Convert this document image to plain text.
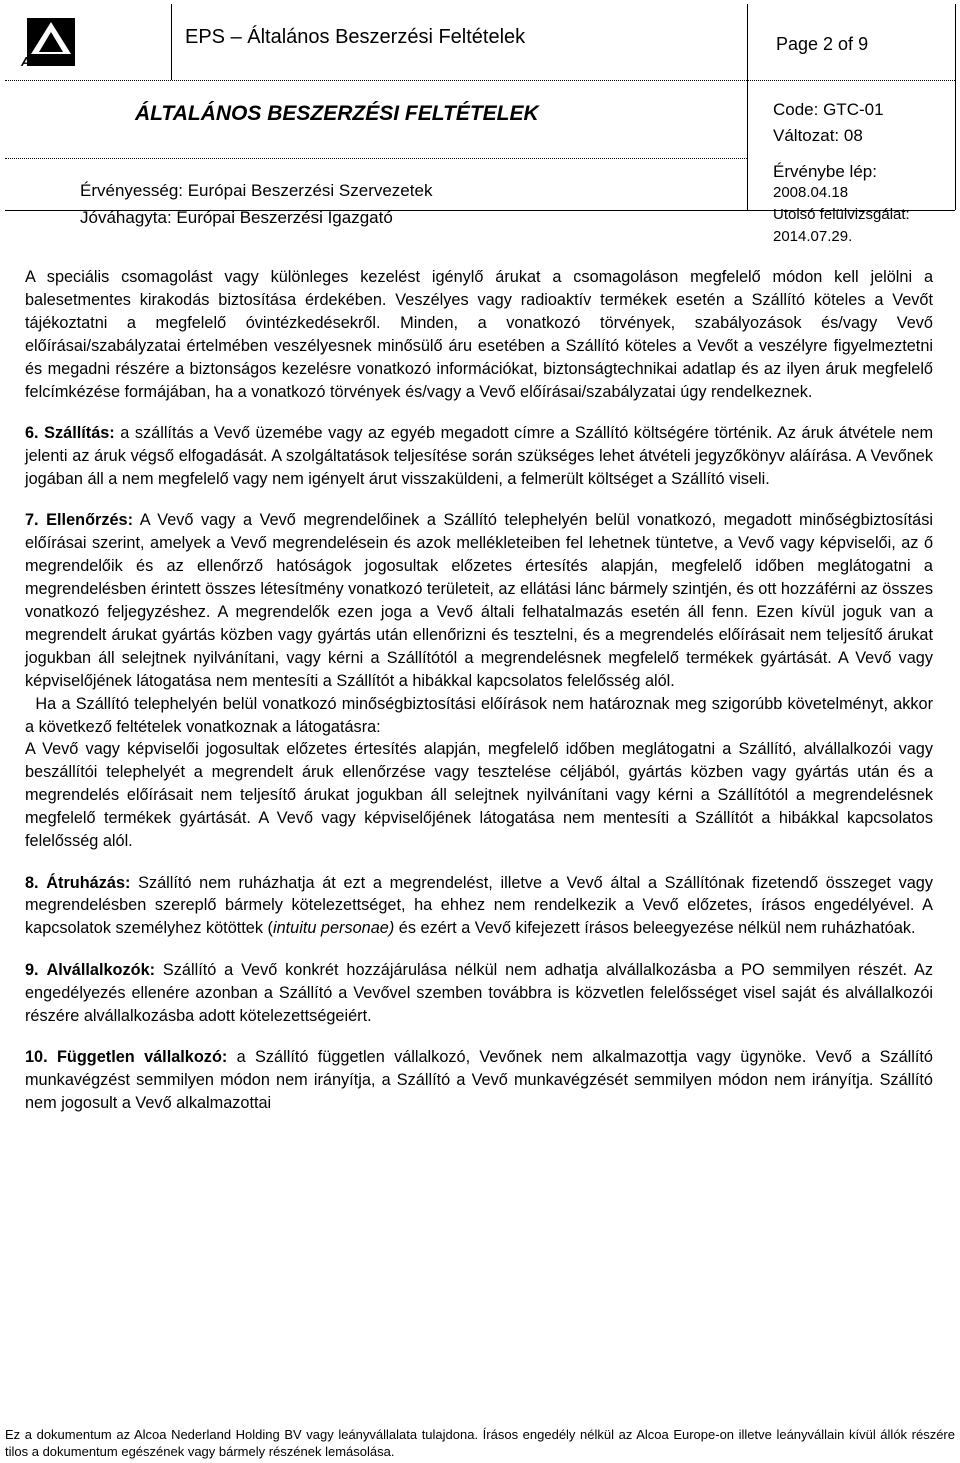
ALCOA
EPS – Általános Beszerzési Feltételek	Page 2 of 9
ÁLTALÁNOS BESZERZÉSI FELTÉTELEK	Code: GTC-01
Változat: 08
Érvényesség: Európai Beszerzési Szervezetek
Jóváhagyta: Európai Beszerzési Igazgató
Érvénybe lép:
2008.04.18
Utolsó felülvizsgálat:
2014.07.29.

A speciális csomagolást vagy különleges kezelést igénylő árukat a csomagoláson megfelelő módon kell jelölni a balesetmentes kirakodás biztosítása érdekében. Veszélyes vagy radioaktív termékek esetén a Szállító köteles a Vevőt tájékoztatni a megfelelő óvintézkedésekről. Minden, a vonatkozó törvények, szabályozások és/vagy Vevő előírásai/szabályzatai értelmében veszélyesnek minősülő áru esetében a Szállító köteles a Vevőt a veszélyre figyelmeztetni és megadni részére a biztonságos kezelésre vonatkozó információkat, biztonságtechnikai adatlap és az ilyen áruk megfelelő felcímkézése formájában, ha a vonatkozó törvények és/vagy a Vevő előírásai/szabályzatai úgy rendelkeznek.

6. Szállítás: a szállítás a Vevő üzemébe vagy az egyéb megadott címre a Szállító költségére történik. Az áruk átvétele nem jelenti az áruk végső elfogadását. A szolgáltatások teljesítése során szükséges lehet átvételi jegyzőkönyv aláírása. A Vevőnek jogában áll a nem megfelelő vagy nem igényelt árut visszaküldeni, a felmerült költséget a Szállító viseli.

7. Ellenőrzés: A Vevő vagy a Vevő megrendelőinek a Szállító telephelyén belül vonatkozó, megadott minőségbiztosítási előírásai szerint, amelyek a Vevő megrendelésein és azok mellékleteiben fel lehetnek tüntetve, a Vevő vagy képviselői, az ő megrendelőik és az ellenőrző hatóságok jogosultak előzetes értesítés alapján, megfelelő időben meglátogatni a megrendelésben érintett összes létesítmény vonatkozó területeit, az ellátási lánc bármely szintjén, és ott hozzáférni az összes vonatkozó feljegyzéshez. A megrendelők ezen joga a Vevő általi felhatalmazás esetén áll fenn. Ezen kívül joguk van a megrendelt árukat gyártás közben vagy gyártás után ellenőrizni és tesztelni, és a megrendelés előírásait nem teljesítő árukat jogukban áll selejtnek nyilvánítani, vagy kérni a Szállítótól a megrendelésnek megfelelő termékek gyártását. A Vevő vagy képviselőjének látogatása nem mentesíti a Szállítót a hibákkal kapcsolatos felelősség alól.

Ha a Szállító telephelyén belül vonatkozó minőségbiztosítási előírások nem határoznak meg szigorúbb követelményt, akkor a következő feltételek vonatkoznak a látogatásra:

A Vevő vagy képviselői jogosultak előzetes értesítés alapján, megfelelő időben meglátogatni a Szállító, alvállalkozói vagy beszállítói telephelyét a megrendelt áruk ellenőrzése vagy tesztelése céljából, gyártás közben vagy gyártás után és a megrendelés előírásait nem teljesítő árukat jogukban áll selejtnek nyilvánítani vagy kérni a Szállítótól a megrendelésnek megfelelő termékek gyártását. A Vevő vagy képviselőjének látogatása nem mentesíti a Szállítót a hibákkal kapcsolatos felelősség alól.

8. Átruházás: Szállító nem ruházhatja át ezt a megrendelést, illetve a Vevő által a Szállítónak fizetendő összeget vagy megrendelésben szereplő bármely kötelezettséget, ha ehhez nem rendelkezik a Vevő előzetes, írásos engedélyével. A kapcsolatok személyhez kötöttek (intuitu personae) és ezért a Vevő kifejezett írásos beleegyezése nélkül nem ruházhatóak.

9. Alvállalkozók: Szállító a Vevő konkrét hozzájárulása nélkül nem adhatja alvállalkozásba a PO semmilyen részét. Az engedélyezés ellenére azonban a Szállító a Vevővel szemben továbbra is közvetlen felelősséget visel saját és alvállalkozói részére alvállalkozásba adott kötelezettségeiért.

10. Független vállalkozó: a Szállító független vállalkozó, Vevőnek nem alkalmazottja vagy ügynöke. Vevő a Szállító munkavégzést semmilyen módon nem irányítja, a Szállító a Vevő munkavégzését semmilyen módon nem irányítja. Szállító nem jogosult a Vevő alkalmazottai

Ez a dokumentum az Alcoa Nederland Holding BV vagy leányvállalata tulajdona. Írásos engedély nélkül az Alcoa Europe-on illetve leányvállain kívül állók részére tilos a dokumentum egészének vagy bármely részének lemásolása.
